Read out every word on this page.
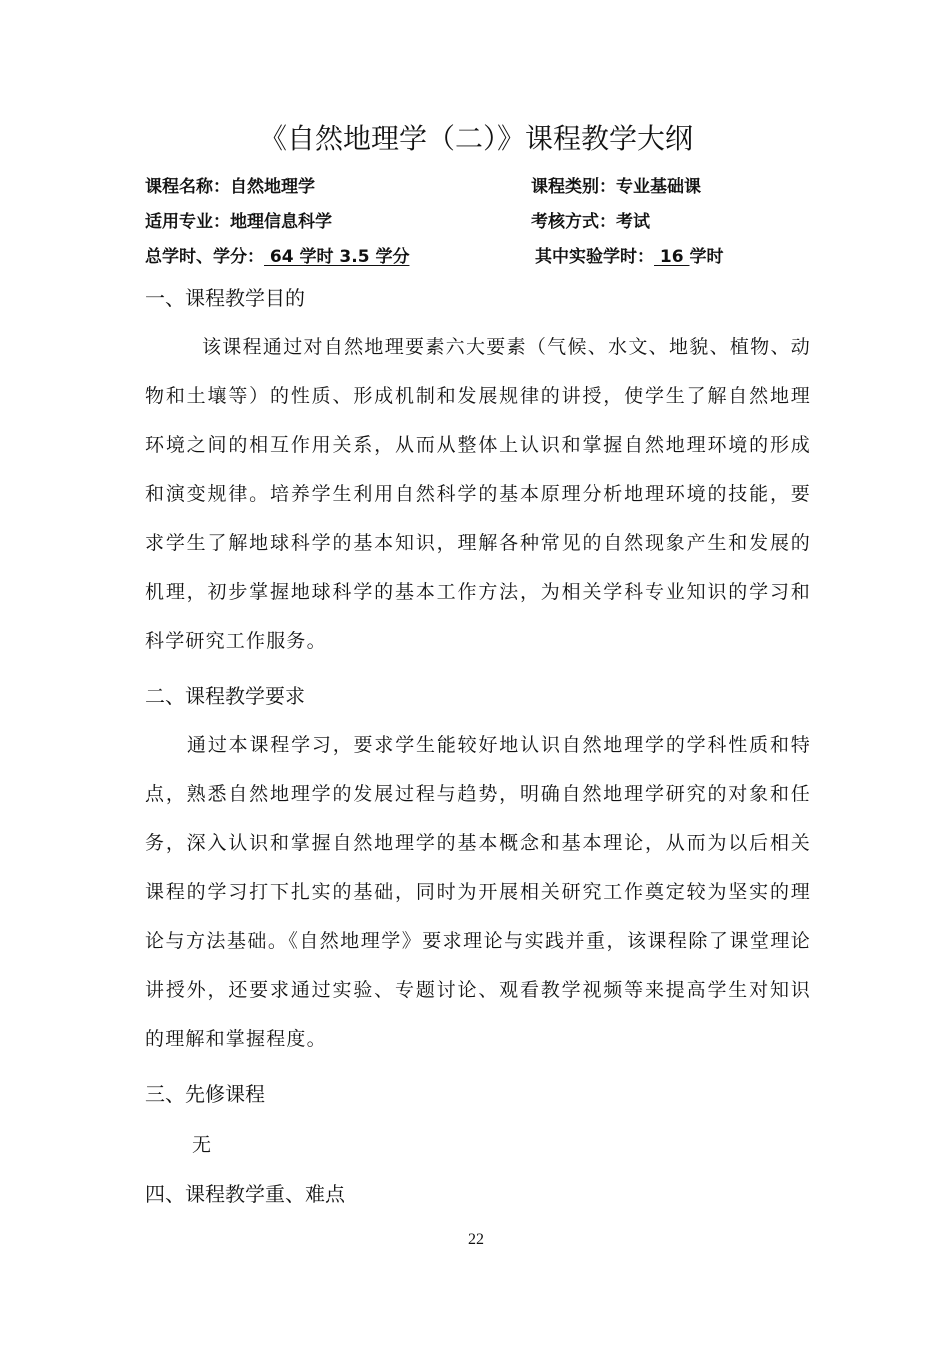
《自然地理学（二）》课程教学大纲
课程名称：自然地理学	课程类别：专业基础课
适用专业：地理信息科学	考核方式：考试
总学时、学分： 64 学时 3.5 学分	其中实验学时： 16 学时
一、课程教学目的

该课程通过对自然地理要素六大要素（气候、水文、地貌、植物、动物和土壤等）的性质、形成机制和发展规律的讲授，使学生了解自然地理环境之间的相互作用关系，从而从整体上认识和掌握自然地理环境的形成和演变规律。培养学生利用自然科学的基本原理分析地理环境的技能，要求学生了解地球科学的基本知识，理解各种常见的自然现象产生和发展的机理，初步掌握地球科学的基本工作方法，为相关学科专业知识的学习和科学研究工作服务。

二、课程教学要求

通过本课程学习，要求学生能较好地认识自然地理学的学科性质和特点，熟悉自然地理学的发展过程与趋势，明确自然地理学研究的对象和任务，深入认识和掌握自然地理学的基本概念和基本理论，从而为以后相关课程的学习打下扎实的基础，同时为开展相关研究工作奠定较为坚实的理论与方法基础。《自然地理学》要求理论与实践并重，该课程除了课堂理论讲授外，还要求通过实验、专题讨论、观看教学视频等来提高学生对知识的理解和掌握程度。

三、先修课程
无
四、课程教学重、难点
22
